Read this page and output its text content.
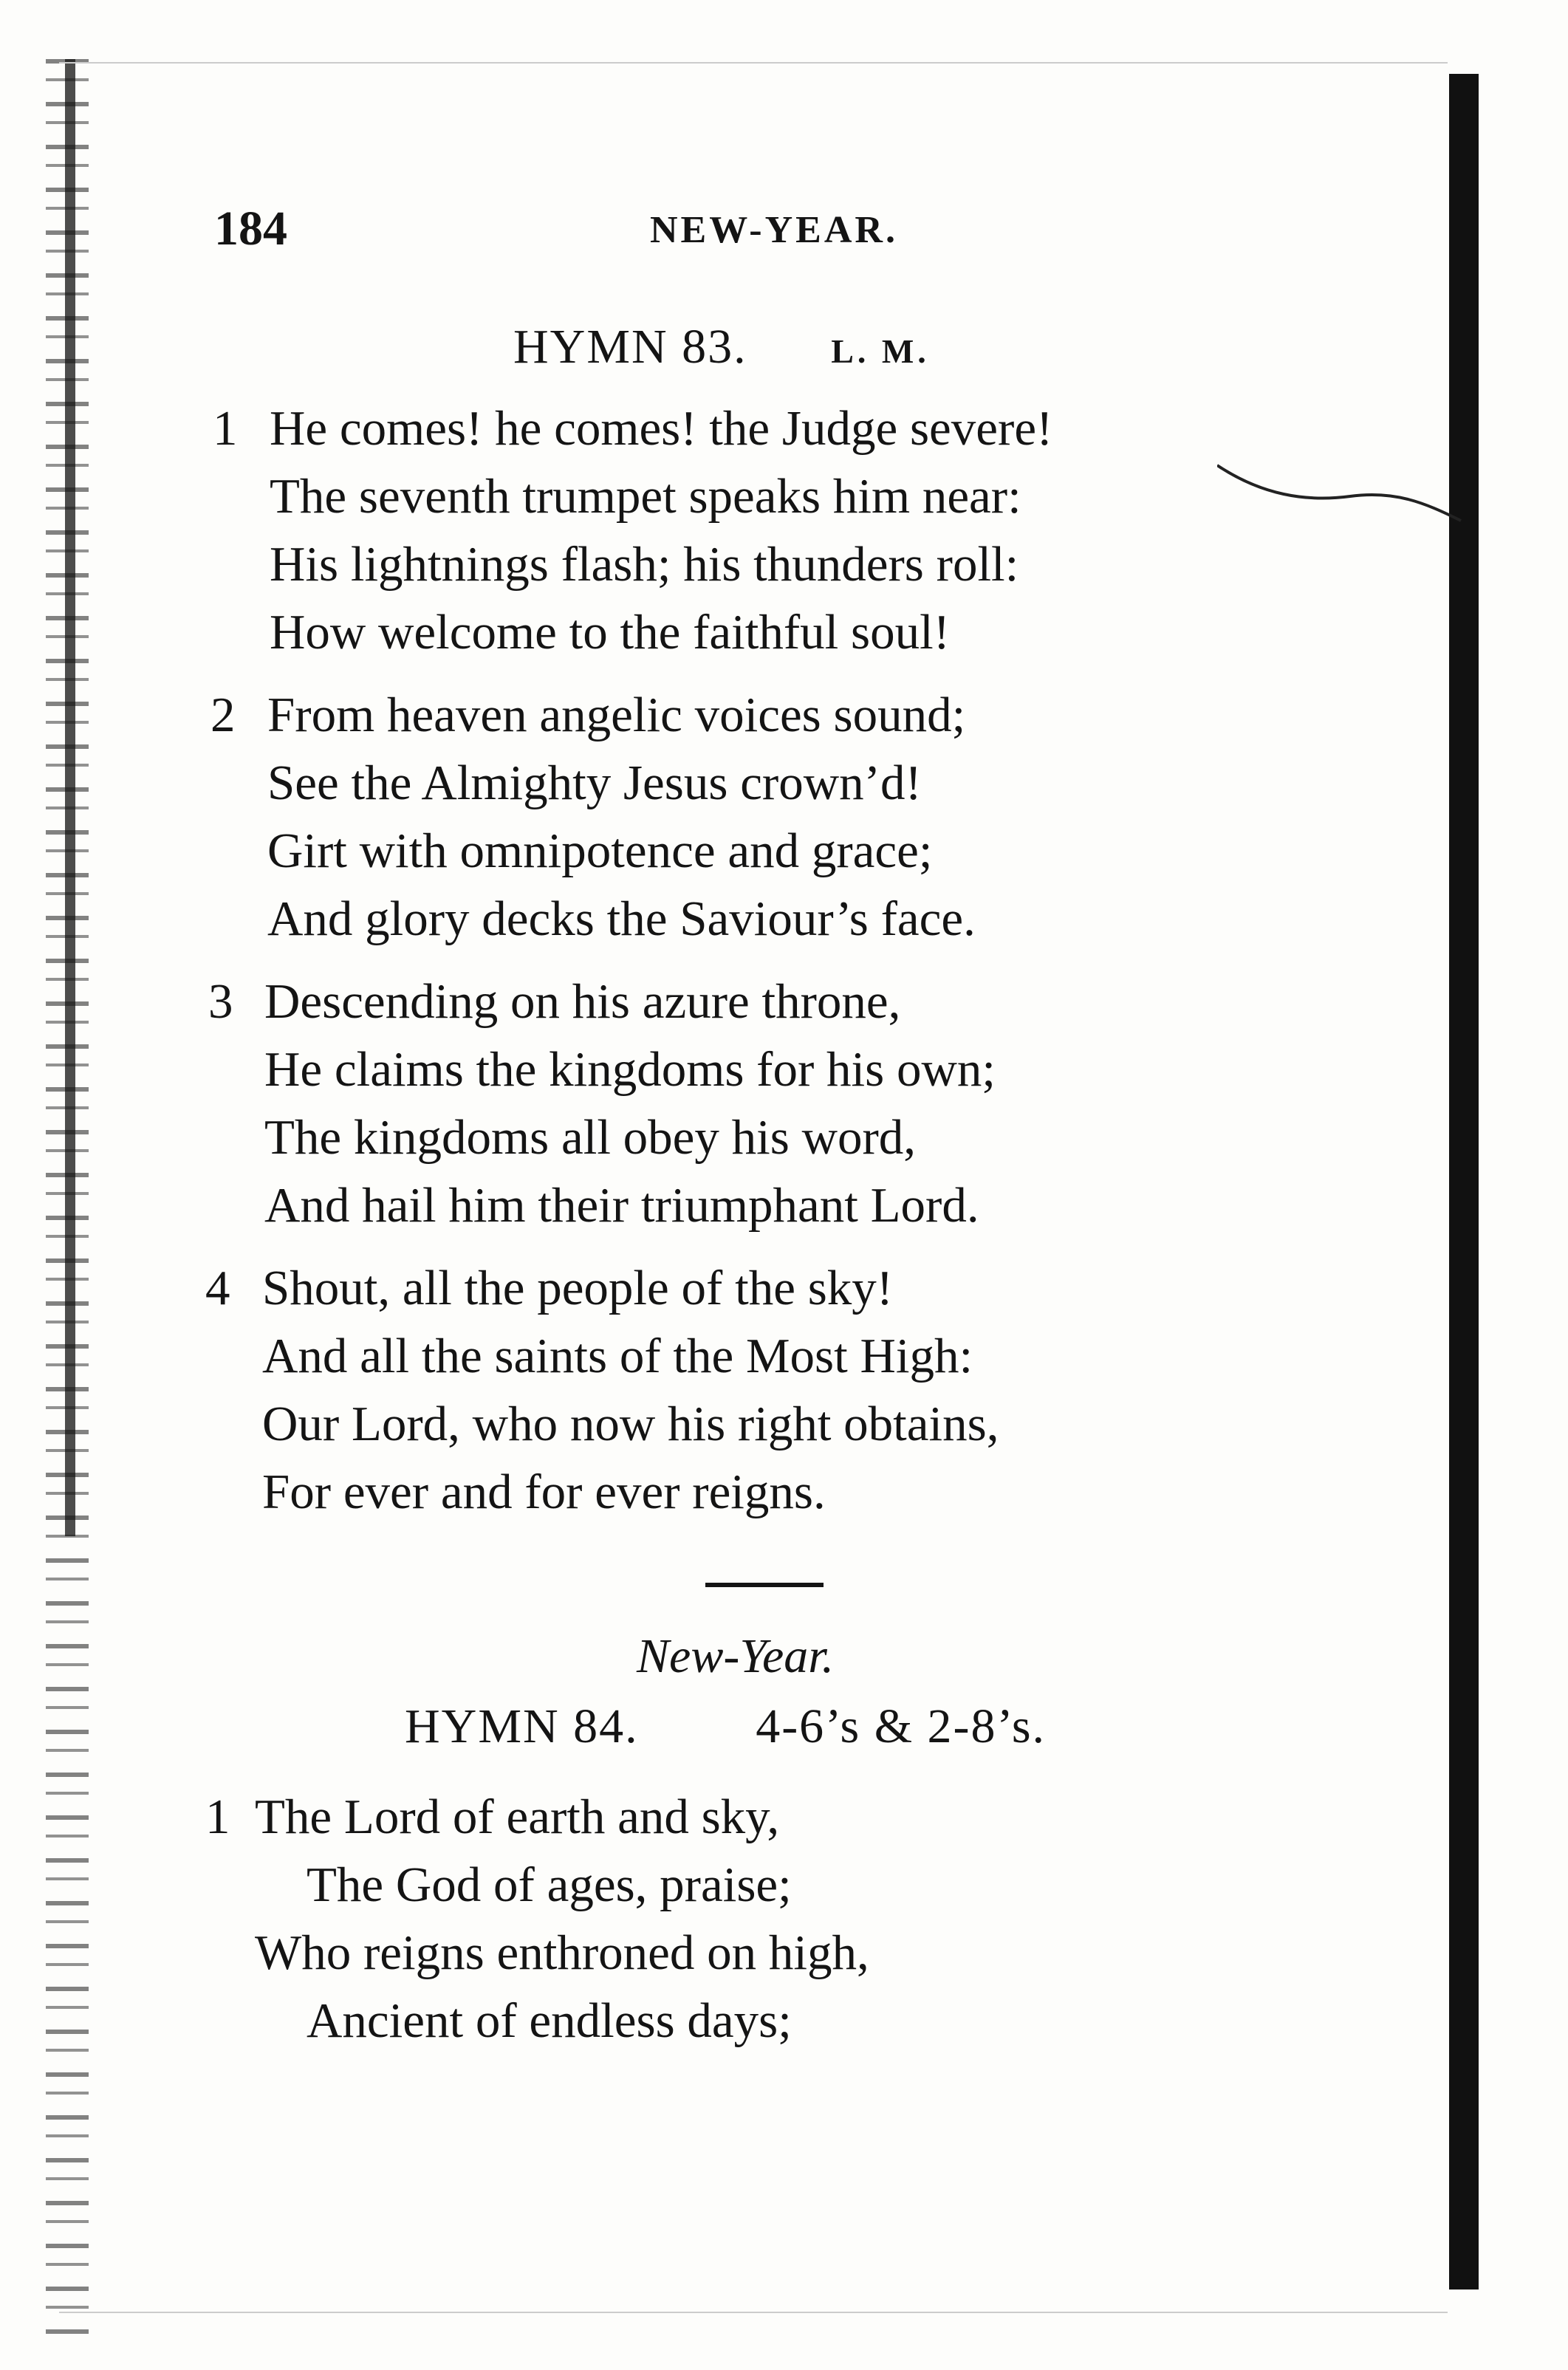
184	NEW-YEAR.
HYMN 83. L. M.
1 He comes! he comes! the Judge severe!
The seventh trumpet speaks him near:
His lightnings flash; his thunders roll:
How welcome to the faithful soul!
2 From heaven angelic voices sound;
See the Almighty Jesus crown’d!
Girt with omnipotence and grace;
And glory decks the Saviour’s face.
3 Descending on his azure throne,
He claims the kingdoms for his own;
The kingdoms all obey his word,
And hail him their triumphant Lord.
4 Shout, all the people of the sky!
And all the saints of the Most High:
Our Lord, who now his right obtains,
For ever and for ever reigns.
New-Year.
HYMN 84. 4-6’s & 2-8’s.
1 The Lord of earth and sky,
The God of ages, praise;
Who reigns enthroned on high,
Ancient of endless days;
